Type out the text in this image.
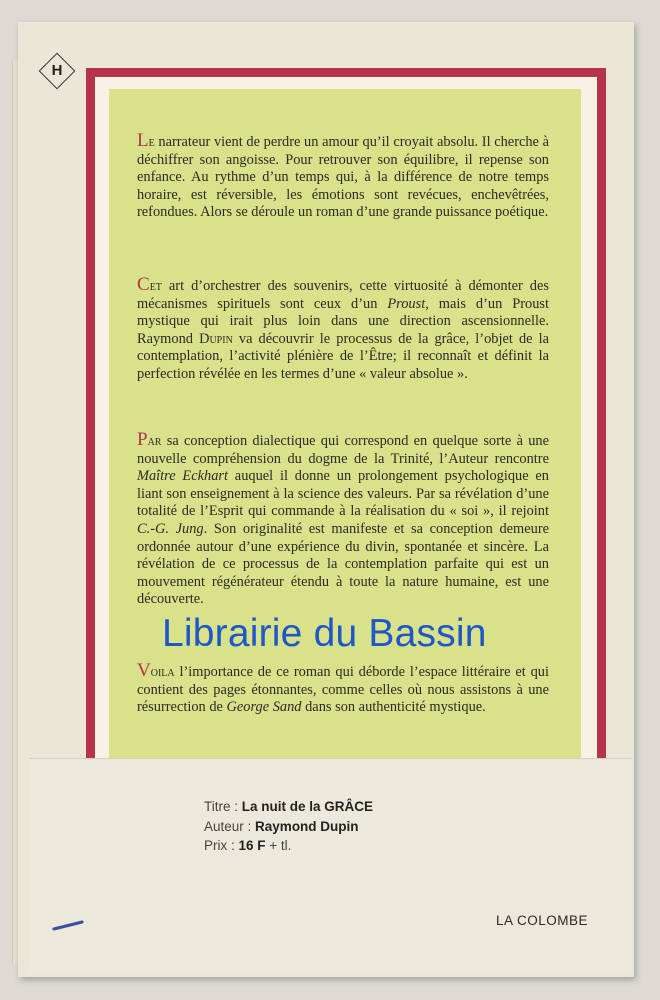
H
Le narrateur vient de perdre un amour qu’il croyait absolu. Il cherche à déchiffrer son angoisse. Pour retrouver son équilibre, il repense son enfance. Au rythme d’un temps qui, à la différence de notre temps horaire, est réversible, les émotions sont revécues, enchevêtrées, refondues. Alors se déroule un roman d’une grande puissance poétique.
Cet art d’orchestrer des souvenirs, cette virtuosité à démonter des mécanismes spirituels sont ceux d’un Proust, mais d’un Proust mystique qui irait plus loin dans une direction ascensionnelle. Raymond Dupin va découvrir le processus de la grâce, l’objet de la contemplation, l’activité plénière de l’Être; il reconnaît et définit la perfection révélée en les termes d’une « valeur absolue ».
Par sa conception dialectique qui correspond en quelque sorte à une nouvelle compréhension du dogme de la Trinité, l’Auteur rencontre Maître Eckhart auquel il donne un prolongement psychologique en liant son enseignement à la science des valeurs. Par sa révélation d’une totalité de l’Esprit qui commande à la réalisation du « soi », il rejoint C.-G. Jung. Son originalité est manifeste et sa conception demeure ordonnée autour d’une expérience du divin, spontanée et sincère. La révélation de ce processus de la contemplation parfaite qui est un mouvement régénérateur étendu à toute la nature humaine, est une découverte.
Voila l’importance de ce roman qui déborde l’espace littéraire et qui contient des pages étonnantes, comme celles où nous assistons à une résurrection de George Sand dans son authenticité mystique.
Librairie du Bassin
Titre : La nuit de la GRÂCE
Auteur : Raymond Dupin
Prix : 16 F + tl.
LA COLOMBE
